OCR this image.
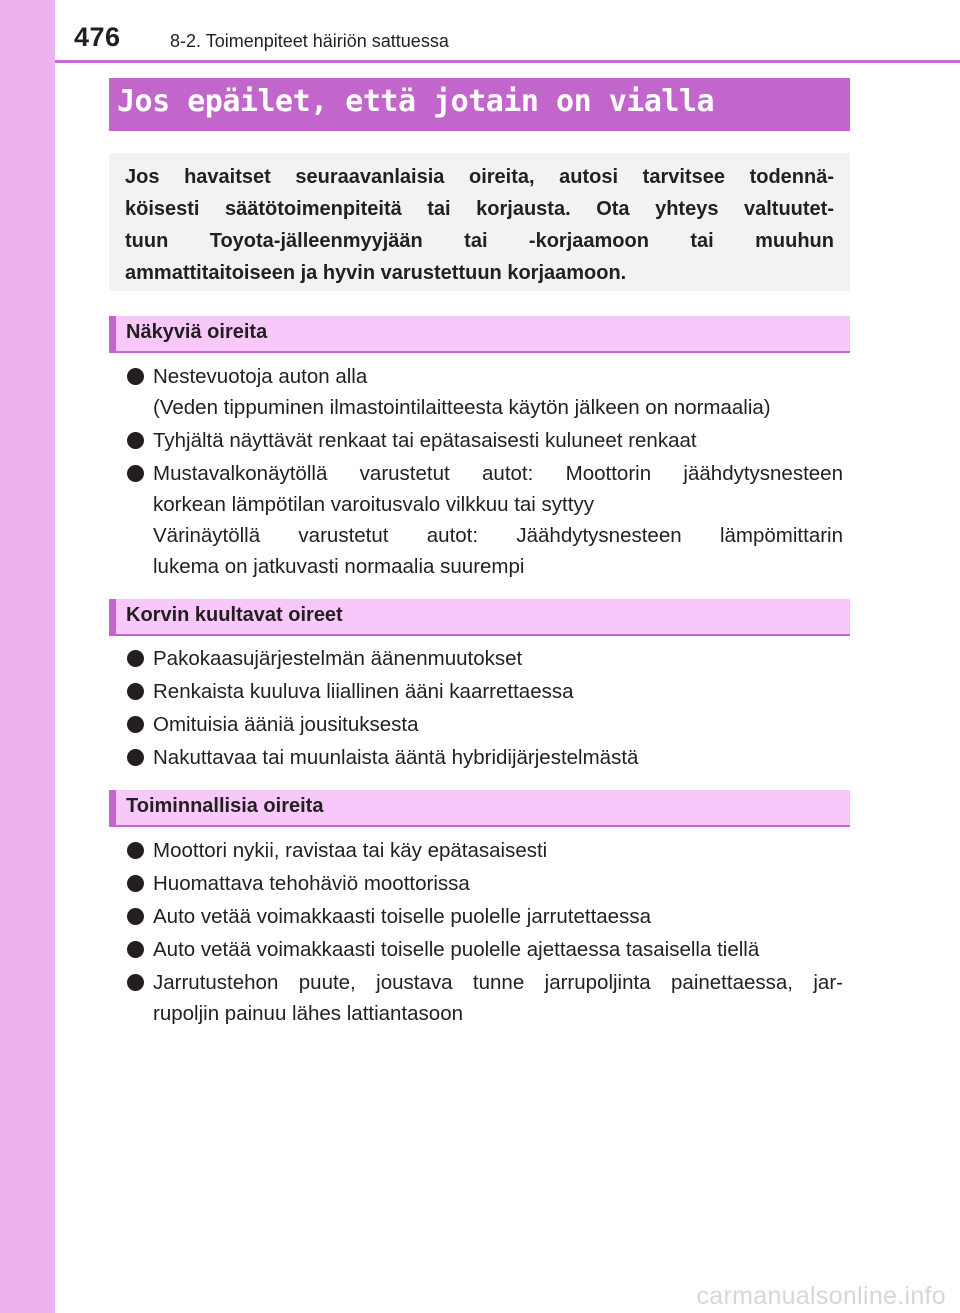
476	8-2. Toimenpiteet häiriön sattuessa
Jos epäilet, että jotain on vialla

Jos havaitset seuraavanlaisia oireita, autosi tarvitsee todennä-
köisesti säätötoimenpiteitä tai korjausta. Ota yhteys valtuutet-
tuun Toyota-jälleenmyyjään tai -korjaamoon tai muuhun
ammattitaitoiseen ja hyvin varustettuun korjaamoon.

Näkyviä oireita
Nestevuotoja auton alla
(Veden tippuminen ilmastointilaitteesta käytön jälkeen on normaalia)
Tyhjältä näyttävät renkaat tai epätasaisesti kuluneet renkaat
Mustavalkonäytöllä varustetut autot: Moottorin jäähdytysnesteen
korkean lämpötilan varoitusvalo vilkkuu tai syttyy
Värinäytöllä varustetut autot: Jäähdytysnesteen lämpömittarin
lukema on jatkuvasti normaalia suurempi
Korvin kuultavat oireet
Pakokaasujärjestelmän äänenmuutokset
Renkaista kuuluva liiallinen ääni kaarrettaessa
Omituisia ääniä jousituksesta
Nakuttavaa tai muunlaista ääntä hybridijärjestelmästä
Toiminnallisia oireita
Moottori nykii, ravistaa tai käy epätasaisesti
Huomattava tehohäviö moottorissa
Auto vetää voimakkaasti toiselle puolelle jarrutettaessa
Auto vetää voimakkaasti toiselle puolelle ajettaessa tasaisella tiellä
Jarrutustehon puute, joustava tunne jarrupoljinta painettaessa, jar-
rupoljin painuu lähes lattiantasoon
carmanualsonline.info
